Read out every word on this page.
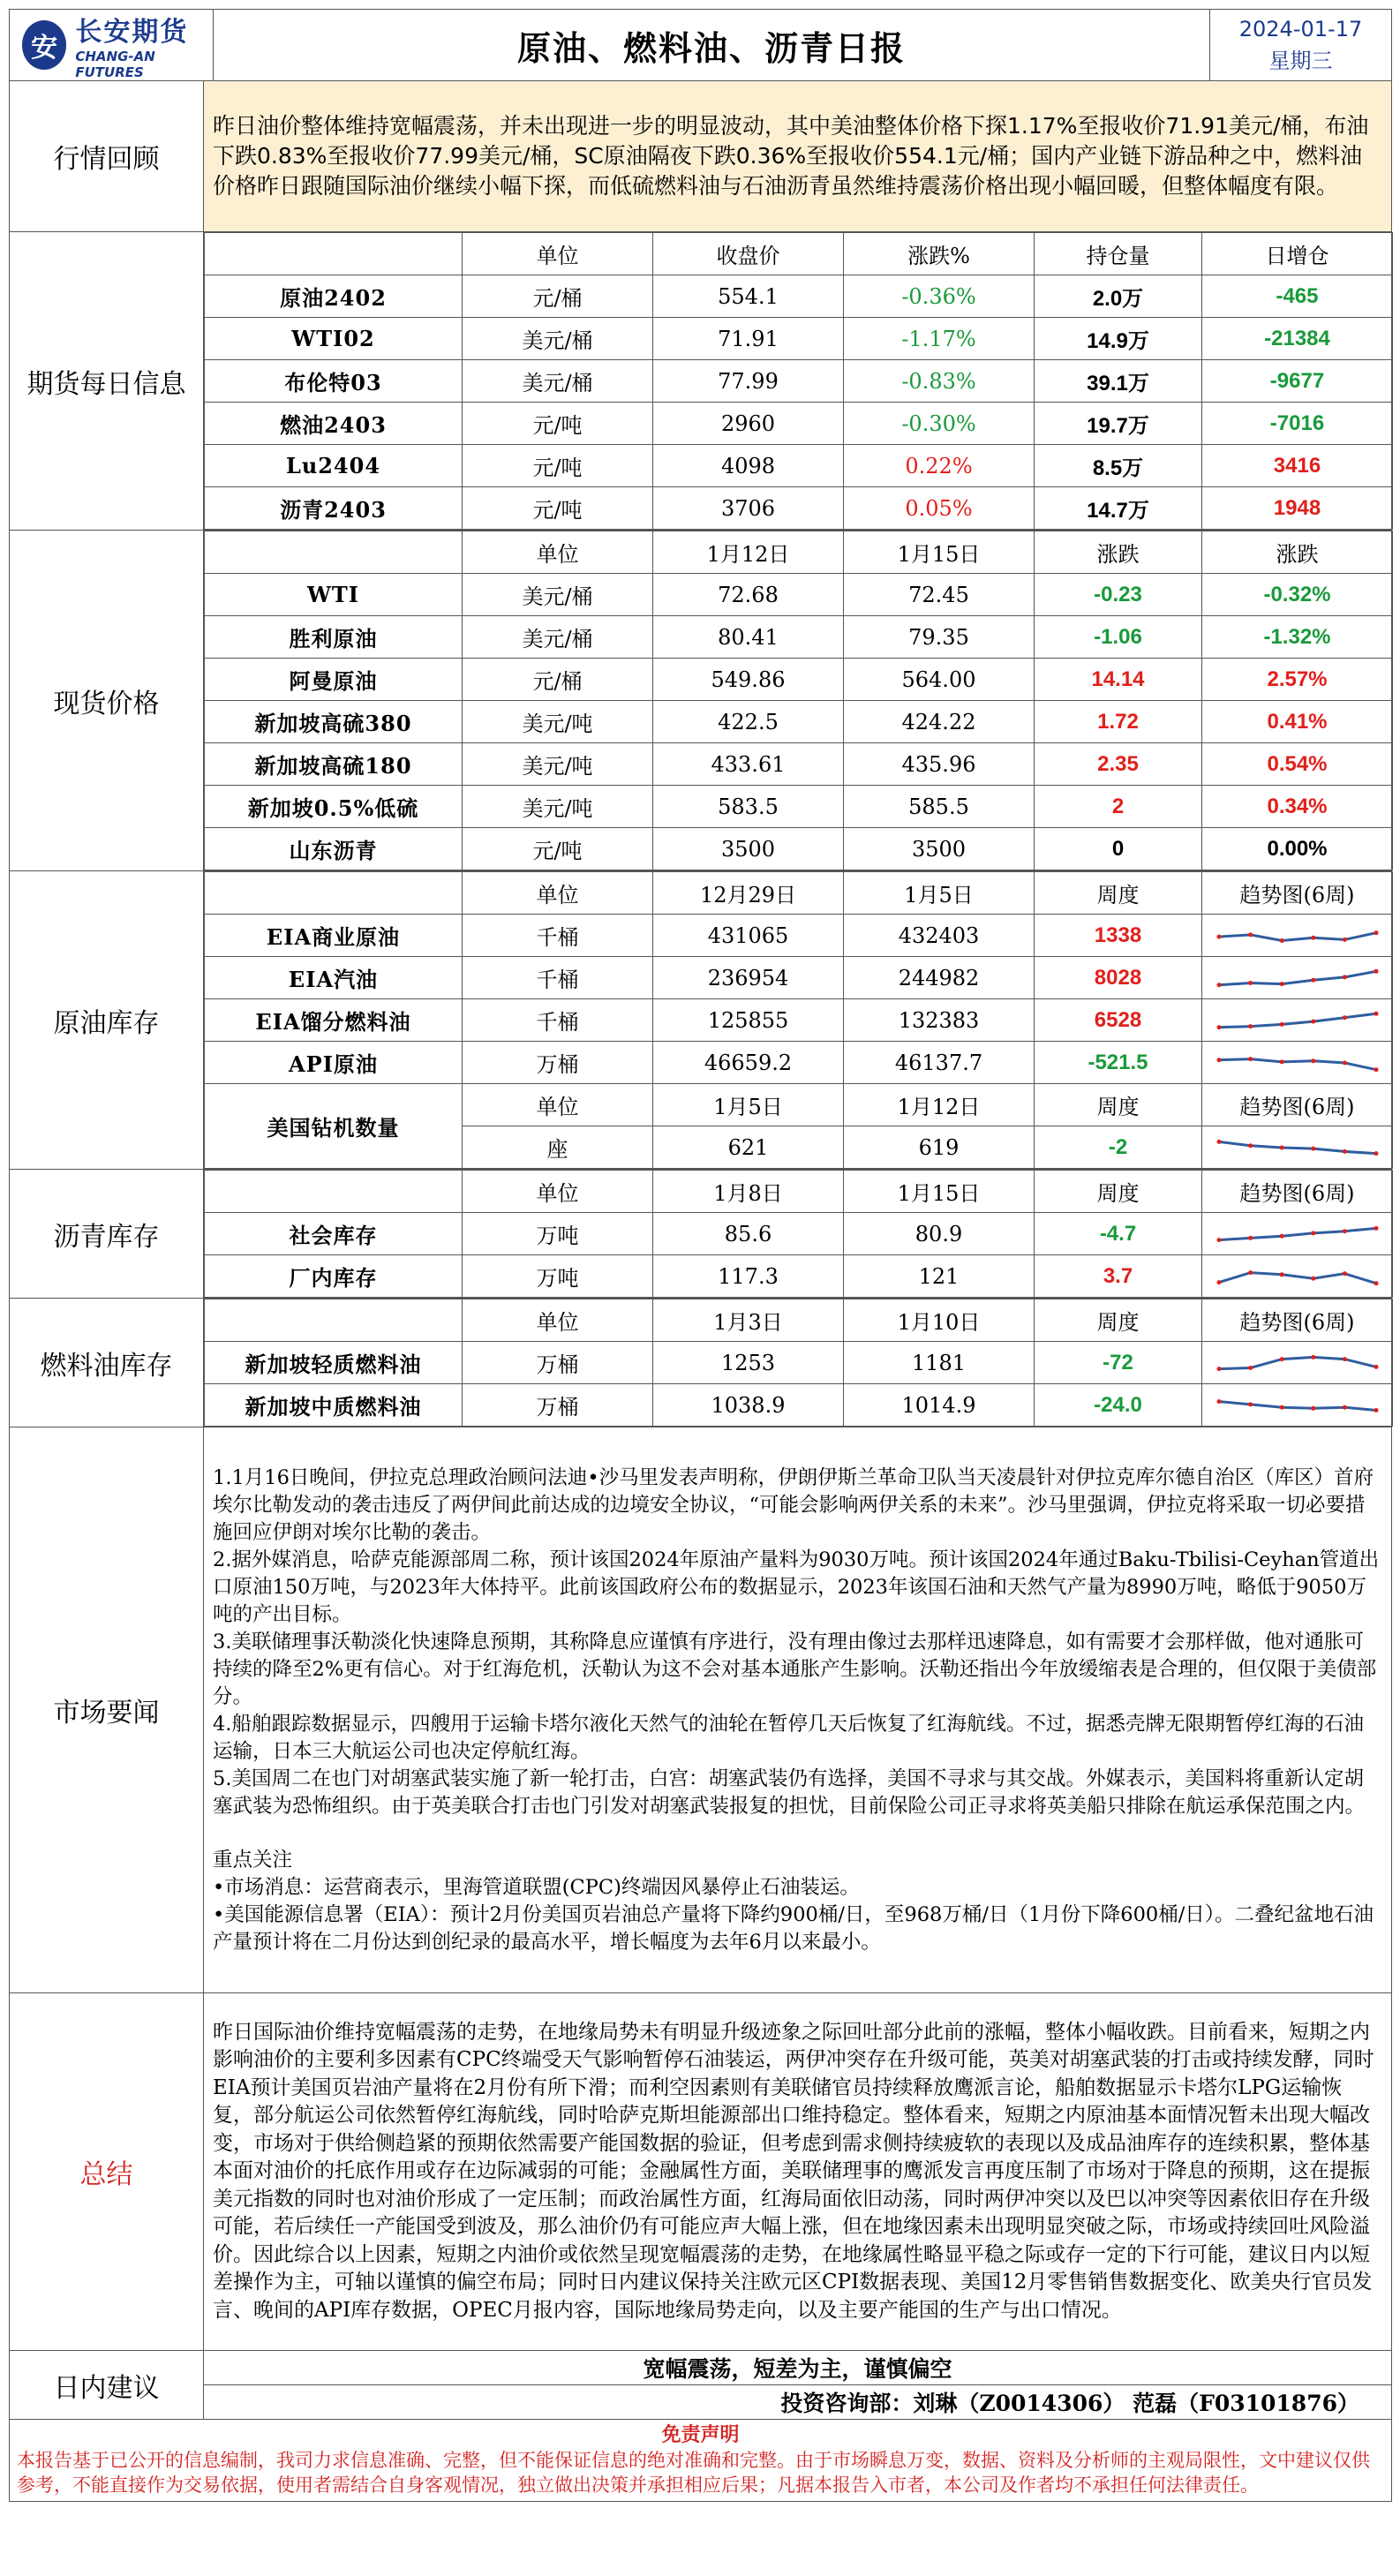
安
长安期货
CHANG-AN FUTURES
	原油、燃料油、沥青日报	2024-01-17
星期三

行情回顾	昨日油价整体维持宽幅震荡，并未出现进一步的明显波动，其中美油整体价格下探1.17%至报收价71.91美元/桶，布油下跌0.83%至报收价77.99美元/桶，SC原油隔夜下跌0.36%至报收价554.1元/桶；国内产业链下游品种之中，燃料油价格昨日跟随国际油价继续小幅下探，而低硫燃料油与石油沥青虽然维持震荡价格出现小幅回暖，但整体幅度有限。
期货每日信息	
	单位	收盘价	涨跌%	持仓量	日增仓
原油2402	元/桶	554.1	-0.36%	2.0万	-465
WTI02	美元/桶	71.91	-1.17%	14.9万	-21384
布伦特03	美元/桶	77.99	-0.83%	39.1万	-9677
燃油2403	元/吨	2960	-0.30%	19.7万	-7016
Lu2404	元/吨	4098	0.22%	8.5万	3416
沥青2403	元/吨	3706	0.05%	14.7万	1948

现货价格	
	单位	1月12日	1月15日	涨跌	涨跌
WTI	美元/桶	72.68	72.45	-0.23	-0.32%
胜利原油	美元/桶	80.41	79.35	-1.06	-1.32%
阿曼原油	元/桶	549.86	564.00	14.14	2.57%
新加坡高硫380	美元/吨	422.5	424.22	1.72	0.41%
新加坡高硫180	美元/吨	433.61	435.96	2.35	0.54%
新加坡0.5%低硫	美元/吨	583.5	585.5	2	0.34%
山东沥青	元/吨	3500	3500	0	0.00%

原油库存	
	单位	12月29日	1月5日	周度	趋势图(6周)
EIA商业原油	千桶	431065	432403	1338	

EIA汽油	千桶	236954	244982	8028	

EIA馏分燃料油	千桶	125855	132383	6528	

API原油	万桶	46659.2	46137.7	-521.5	

美国钻机数量	单位	1月5日	1月12日	周度	趋势图(6周)
座	621	619	-2	

沥青库存	
	单位	1月8日	1月15日	周度	趋势图(6周)
社会库存	万吨	85.6	80.9	-4.7	

厂内库存	万吨	117.3	121	3.7	

燃料油库存	
	单位	1月3日	1月10日	周度	趋势图(6周)
新加坡轻质燃料油	万桶	1253	1181	-72	

新加坡中质燃料油	万桶	1038.9	1014.9	-24.0	

市场要闻	
1.1月16日晚间，伊拉克总理政治顾问法迪•沙马里发表声明称，伊朗伊斯兰革命卫队当天凌晨针对伊拉克库尔德自治区（库区）首府埃尔比勒发动的袭击违反了两伊间此前达成的边境安全协议，“可能会影响两伊关系的未来”。沙马里强调，伊拉克将采取一切必要措施回应伊朗对埃尔比勒的袭击。
2.据外媒消息，哈萨克能源部周二称，预计该国2024年原油产量料为9030万吨。预计该国2024年通过Baku-Tbilisi-Ceyhan管道出口原油150万吨，与2023年大体持平。此前该国政府公布的数据显示，2023年该国石油和天然气产量为8990万吨，略低于9050万吨的产出目标。
3.美联储理事沃勒淡化快速降息预期，其称降息应谨慎有序进行，没有理由像过去那样迅速降息，如有需要才会那样做，他对通胀可持续的降至2%更有信心。对于红海危机，沃勒认为这不会对基本通胀产生影响。沃勒还指出今年放缓缩表是合理的，但仅限于美债部分。
4.船舶跟踪数据显示，四艘用于运输卡塔尔液化天然气的油轮在暂停几天后恢复了红海航线。不过，据悉壳牌无限期暂停红海的石油运输，日本三大航运公司也决定停航红海。
5.美国周二在也门对胡塞武装实施了新一轮打击，白宫：胡塞武装仍有选择，美国不寻求与其交战。外媒表示，美国料将重新认定胡塞武装为恐怖组织。由于英美联合打击也门引发对胡塞武装报复的担忧，目前保险公司正寻求将英美船只排除在航运承保范围之内。
重点关注
•市场消息：运营商表示，里海管道联盟(CPC)终端因风暴停止石油装运。
•美国能源信息署（EIA）：预计2月份美国页岩油总产量将下降约900桶/日，至968万桶/日（1月份下降600桶/日）。二叠纪盆地石油产量预计将在二月份达到创纪录的最高水平，增长幅度为去年6月以来最小。

总结	昨日国际油价维持宽幅震荡的走势，在地缘局势未有明显升级迹象之际回吐部分此前的涨幅，整体小幅收跌。目前看来，短期之内影响油价的主要利多因素有CPC终端受天气影响暂停石油装运，两伊冲突存在升级可能，英美对胡塞武装的打击或持续发酵，同时EIA预计美国页岩油产量将在2月份有所下滑；而利空因素则有美联储官员持续释放鹰派言论，船舶数据显示卡塔尔LPG运输恢复，部分航运公司依然暂停红海航线，同时哈萨克斯坦能源部出口维持稳定。整体看来，短期之内原油基本面情况暂未出现大幅改变，市场对于供给侧趋紧的预期依然需要产能国数据的验证，但考虑到需求侧持续疲软的表现以及成品油库存的连续积累，整体基本面对油价的托底作用或存在边际减弱的可能；金融属性方面，美联储理事的鹰派发言再度压制了市场对于降息的预期，这在提振美元指数的同时也对油价形成了一定压制；而政治属性方面，红海局面依旧动荡，同时两伊冲突以及巴以冲突等因素依旧存在升级可能，若后续任一产能国受到波及，那么油价仍有可能应声大幅上涨，但在地缘因素未出现明显突破之际，市场或持续回吐风险溢价。因此综合以上因素，短期之内油价或依然呈现宽幅震荡的走势，在地缘属性略显平稳之际或存一定的下行可能，建议日内以短差操作为主，可轴以谨慎的偏空布局；同时日内建议保持关注欧元区CPI数据表现、美国12月零售销售数据变化、欧美央行官员发言、晚间的API库存数据，OPEC月报内容，国际地缘局势走向，以及主要产能国的生产与出口情况。
日内建议	宽幅震荡，短差为主，谨慎偏空
投资咨询部：刘琳（Z0014306） 范磊（F03101876）

免责声明
本报告基于已公开的信息编制，我司力求信息准确、完整，但不能保证信息的绝对准确和完整。由于市场瞬息万变，数据、资料及分析师的主观局限性，文中建议仅供参考，不能直接作为交易依据，使用者需结合自身客观情况，独立做出决策并承担相应后果；凡据本报告入市者，本公司及作者均不承担任何法律责任。
